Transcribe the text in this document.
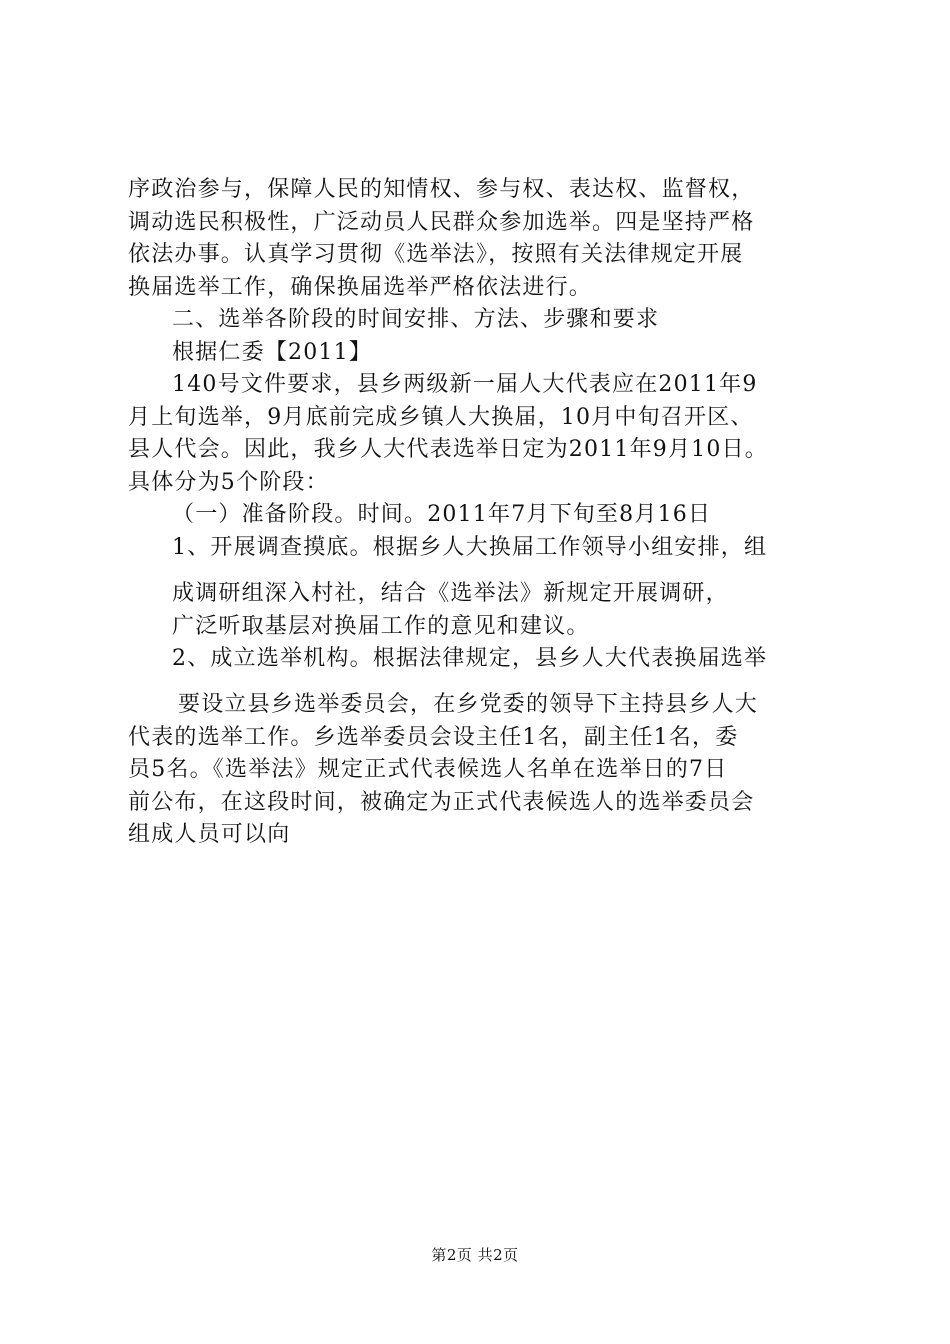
序政治参与，保障人民的知情权、参与权、表达权、监督权，
调动选民积极性，广泛动员人民群众参加选举。四是坚持严格
依法办事。认真学习贯彻《选举法》，按照有关法律规定开展
换届选举工作，确保换届选举严格依法进行。
二、选举各阶段的时间安排、方法、步骤和要求
根据仁委【2011】
140号文件要求，县乡两级新一届人大代表应在2011年9
月上旬选举，9月底前完成乡镇人大换届，10月中旬召开区、
县人代会。因此，我乡人大代表选举日定为2011年9月10日。
具体分为5个阶段：
（一）准备阶段。时间。2011年7月下旬至8月16日
1、开展调查摸底。根据乡人大换届工作领导小组安排，组
成调研组深入村社，结合《选举法》新规定开展调研，
广泛听取基层对换届工作的意见和建议。
2、成立选举机构。根据法律规定，县乡人大代表换届选举
要设立县乡选举委员会，在乡党委的领导下主持县乡人大
代表的选举工作。乡选举委员会设主任1名，副主任1名，委
员5名。《选举法》规定正式代表候选人名单在选举日的7日
前公布，在这段时间，被确定为正式代表候选人的选举委员会
组成人员可以向
第2页 共2页
